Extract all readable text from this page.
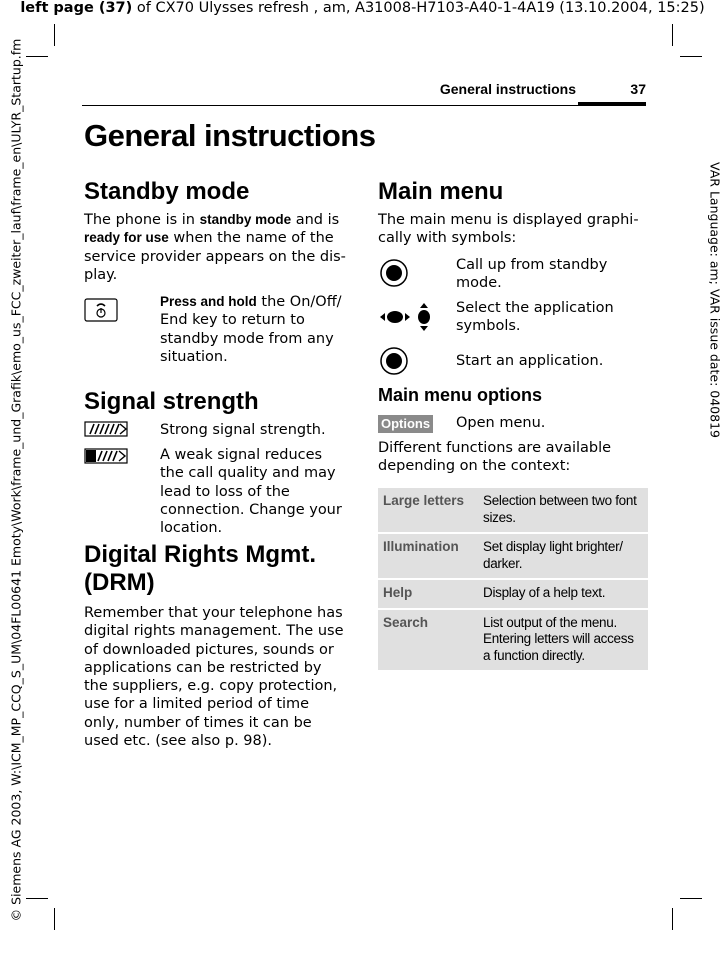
left page (37) of CX70 Ulysses refresh , am, A31008-H7103-A40-1-4A19 (13.10.2004, 15:25)
© Siemens AG 2003, W:\ICM_MP_CCQ_S_UM\04FL00641 Emoty\Work\frame_und_Grafik\emo_us_FCC_zweiter_lauf\frame_en\ULYR_Startup.fm	VAR Language: am; VAR issue date: 040819
General instructions	37
General instructions
Standby mode
The phone is in standby mode and is ready for use when the name of the service provider appears on the dis-play.
Press and hold the On/Off/ End key to return to standby mode from any situation.
Signal strength
Strong signal strength.
A weak signal reduces the call quality and may lead to loss of the connection. Change your location.
Digital Rights Mgmt.
(DRM)
Remember that your telephone has digital rights management. The use of downloaded pictures, sounds or applications can be restricted by the suppliers, e.g. copy protection, use for a limited period of time only, number of times it can be used etc. (see also p. 98).
Main menu
The main menu is displayed graphi-cally with symbols:
Call up from standby mode.
Select the application symbols.
Start an application.
Main menu options
Options Open menu.
Different functions are available depending on the context:
Large letters	Selection between two font sizes.
Illumination	Set display light brighter/ darker.
Help	Display of a help text.
Search	List output of the menu. Entering letters will access a function directly.
